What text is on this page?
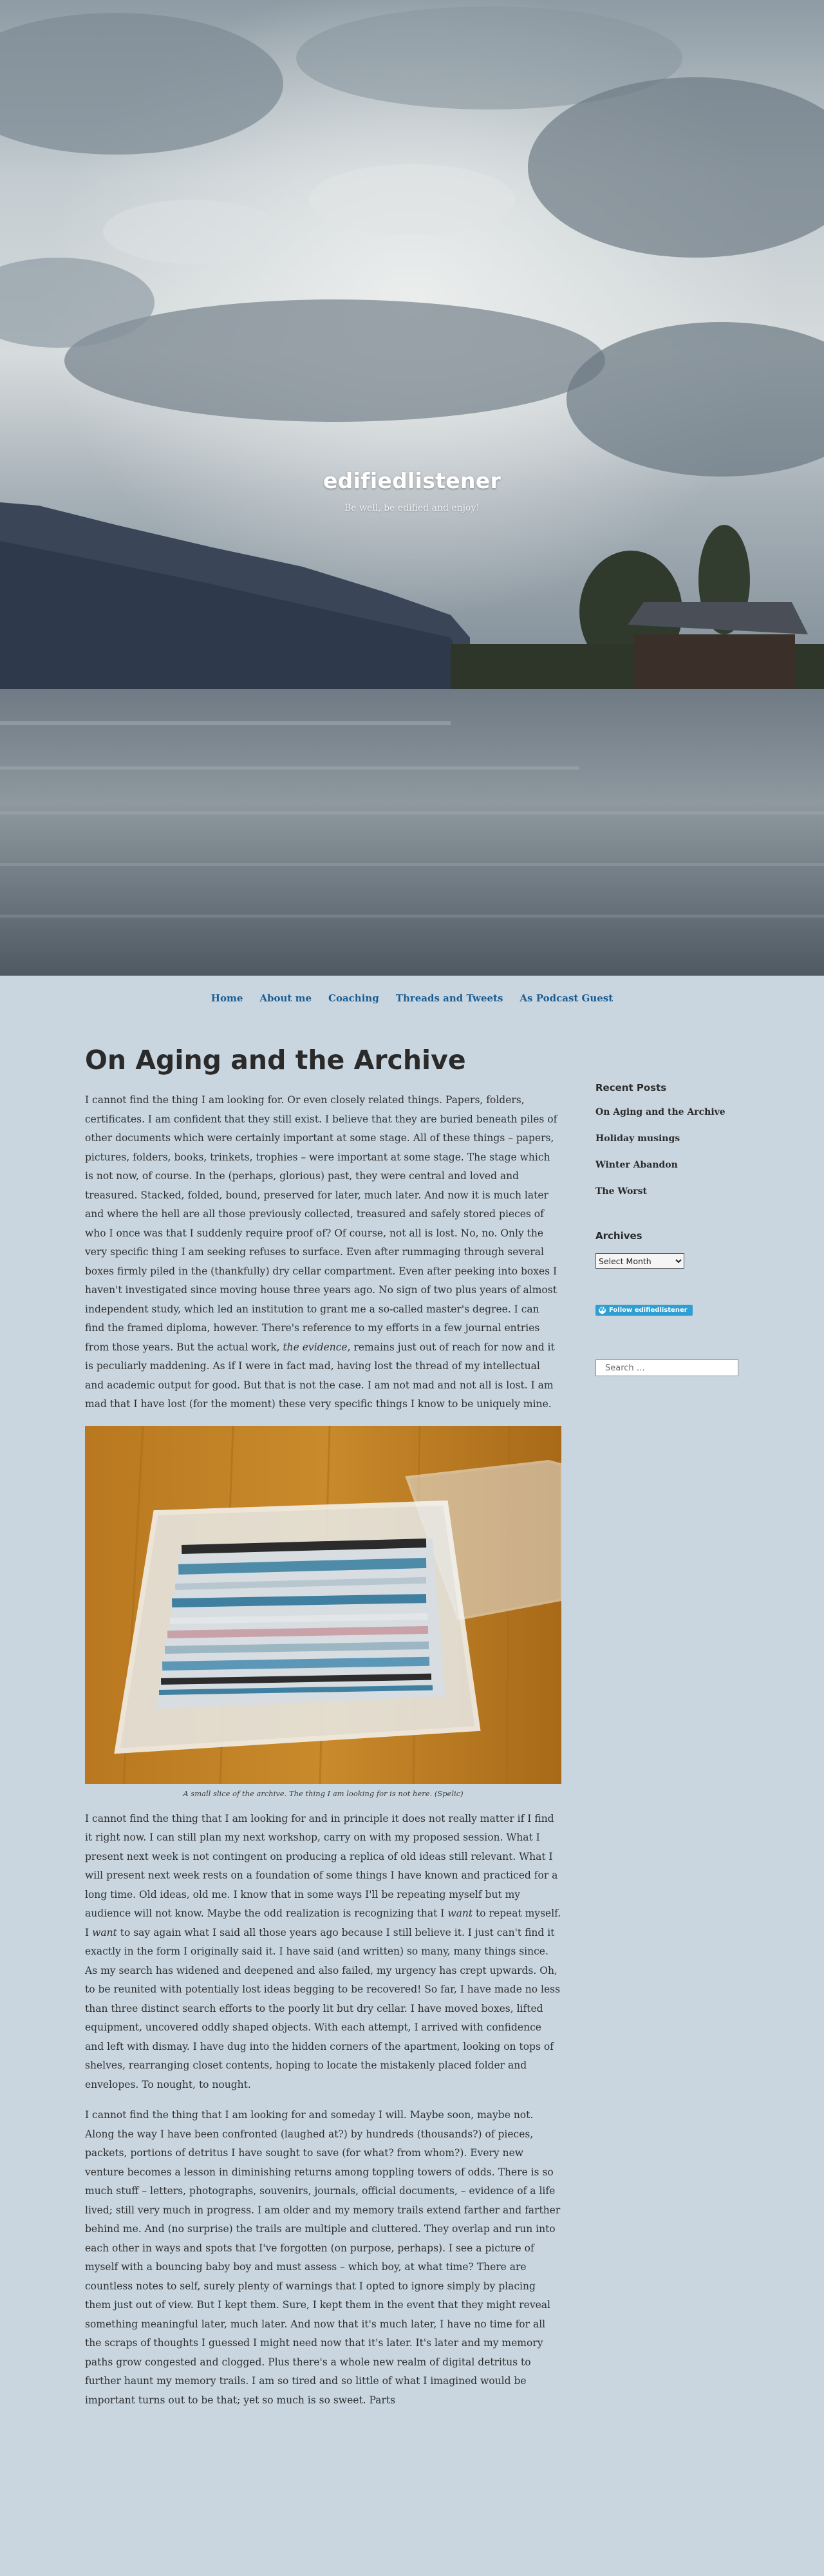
edifiedlistener
Be well, be edified and enjoy!
Home About me Coaching Threads and Tweets As Podcast Guest
On Aging and the Archive

I cannot find the thing I am looking for. Or even closely related things. Papers, folders, certificates. I am confident that they still exist. I believe that they are buried beneath piles of other documents which were certainly important at some stage. All of these things – papers, pictures, folders, books, trinkets, trophies – were important at some stage. The stage which is not now, of course. In the (perhaps, glorious) past, they were central and loved and treasured. Stacked, folded, bound, preserved for later, much later. And now it is much later and where the hell are all those previously collected, treasured and safely stored pieces of who I once was that I suddenly require proof of? Of course, not all is lost. No, no. Only the very specific thing I am seeking refuses to surface. Even after rummaging through several boxes firmly piled in the (thankfully) dry cellar compartment. Even after peeking into boxes I haven't investigated since moving house three years ago. No sign of two plus years of almost independent study, which led an institution to grant me a so-called master's degree. I can find the framed diploma, however. There's reference to my efforts in a few journal entries from those years. But the actual work, the evidence, remains just out of reach for now and it is peculiarly maddening. As if I were in fact mad, having lost the thread of my intellectual and academic output for good. But that is not the case. I am not mad and not all is lost. I am mad that I have lost (for the moment) these very specific things I know to be uniquely mine.

A small slice of the archive. The thing I am looking for is not here. (Spelic)

I cannot find the thing that I am looking for and in principle it does not really matter if I find it right now. I can still plan my next workshop, carry on with my proposed session. What I present next week is not contingent on producing a replica of old ideas still relevant. What I will present next week rests on a foundation of some things I have known and practiced for a long time. Old ideas, old me. I know that in some ways I'll be repeating myself but my audience will not know. Maybe the odd realization is recognizing that I want to repeat myself. I want to say again what I said all those years ago because I still believe it. I just can't find it exactly in the form I originally said it. I have said (and written) so many, many things since. As my search has widened and deepened and also failed, my urgency has crept upwards. Oh, to be reunited with potentially lost ideas begging to be recovered! So far, I have made no less than three distinct search efforts to the poorly lit but dry cellar. I have moved boxes, lifted equipment, uncovered oddly shaped objects. With each attempt, I arrived with confidence and left with dismay. I have dug into the hidden corners of the apartment, looking on tops of shelves, rearranging closet contents, hoping to locate the mistakenly placed folder and envelopes. To nought, to nought.

I cannot find the thing that I am looking for and someday I will. Maybe soon, maybe not. Along the way I have been confronted (laughed at?) by hundreds (thousands?) of pieces, packets, portions of detritus I have sought to save (for what? from whom?). Every new venture becomes a lesson in diminishing returns among toppling towers of odds. There is so much stuff – letters, photographs, souvenirs, journals, official documents, – evidence of a life lived; still very much in progress. I am older and my memory trails extend farther and farther behind me. And (no surprise) the trails are multiple and cluttered. They overlap and run into each other in ways and spots that I've forgotten (on purpose, perhaps). I see a picture of myself with a bouncing baby boy and must assess – which boy, at what time? There are countless notes to self, surely plenty of warnings that I opted to ignore simply by placing them just out of view. But I kept them. Sure, I kept them in the event that they might reveal something meaningful later, much later. And now that it's much later, I have no time for all the scraps of thoughts I guessed I might need now that it's later. It's later and my memory paths grow congested and clogged. Plus there's a whole new realm of digital detritus to further haunt my memory trails. I am so tired and so little of what I imagined would be important turns out to be that; yet so much is so sweet. Parts

Recent Posts
On Aging and the Archive
Holiday musings
Winter Abandon
The Worst
Archives
Select Month
W Follow edifiedlistener
Search …
